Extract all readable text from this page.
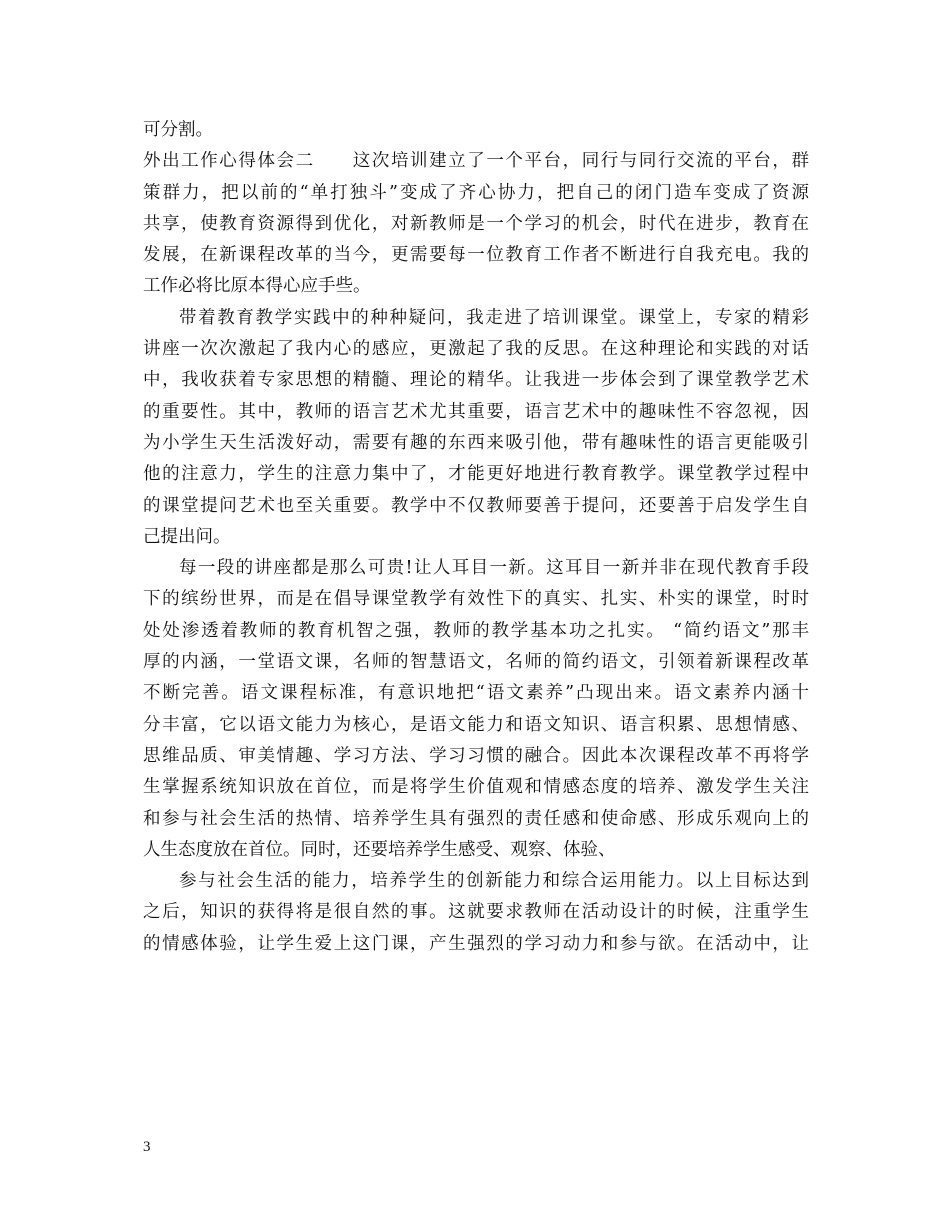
可分割。
外出工作心得体会二　　这次培训建立了一个平台，同行与同行交流的平台，群
策群力，把以前的“单打独斗”变成了齐心协力，把自己的闭门造车变成了资源
共享，使教育资源得到优化，对新教师是一个学习的机会，时代在进步，教育在
发展，在新课程改革的当今，更需要每一位教育工作者不断进行自我充电。我的
工作必将比原本得心应手些。
带着教育教学实践中的种种疑问，我走进了培训课堂。课堂上，专家的精彩
讲座一次次激起了我内心的感应，更激起了我的反思。在这种理论和实践的对话
中，我收获着专家思想的精髓、理论的精华。让我进一步体会到了课堂教学艺术
的重要性。其中，教师的语言艺术尤其重要，语言艺术中的趣味性不容忽视，因
为小学生天生活泼好动，需要有趣的东西来吸引他，带有趣味性的语言更能吸引
他的注意力，学生的注意力集中了，才能更好地进行教育教学。课堂教学过程中
的课堂提问艺术也至关重要。教学中不仅教师要善于提问，还要善于启发学生自
己提出问。
每一段的讲座都是那么可贵!让人耳目一新。这耳目一新并非在现代教育手段
下的缤纷世界，而是在倡导课堂教学有效性下的真实、扎实、朴实的课堂，时时
处处渗透着教师的教育机智之强，教师的教学基本功之扎实。 “简约语文”那丰
厚的内涵，一堂语文课，名师的智慧语文，名师的简约语文，引领着新课程改革
不断完善。语文课程标准，有意识地把“语文素养”凸现出来。语文素养内涵十
分丰富，它以语文能力为核心，是语文能力和语文知识、语言积累、思想情感、
思维品质、审美情趣、学习方法、学习习惯的融合。因此本次课程改革不再将学
生掌握系统知识放在首位，而是将学生价值观和情感态度的培养、激发学生关注
和参与社会生活的热情、培养学生具有强烈的责任感和使命感、形成乐观向上的
人生态度放在首位。同时，还要培养学生感受、观察、体验、
参与社会生活的能力，培养学生的创新能力和综合运用能力。以上目标达到
之后，知识的获得将是很自然的事。这就要求教师在活动设计的时候，注重学生
的情感体验，让学生爱上这门课，产生强烈的学习动力和参与欲。在活动中，让
3
